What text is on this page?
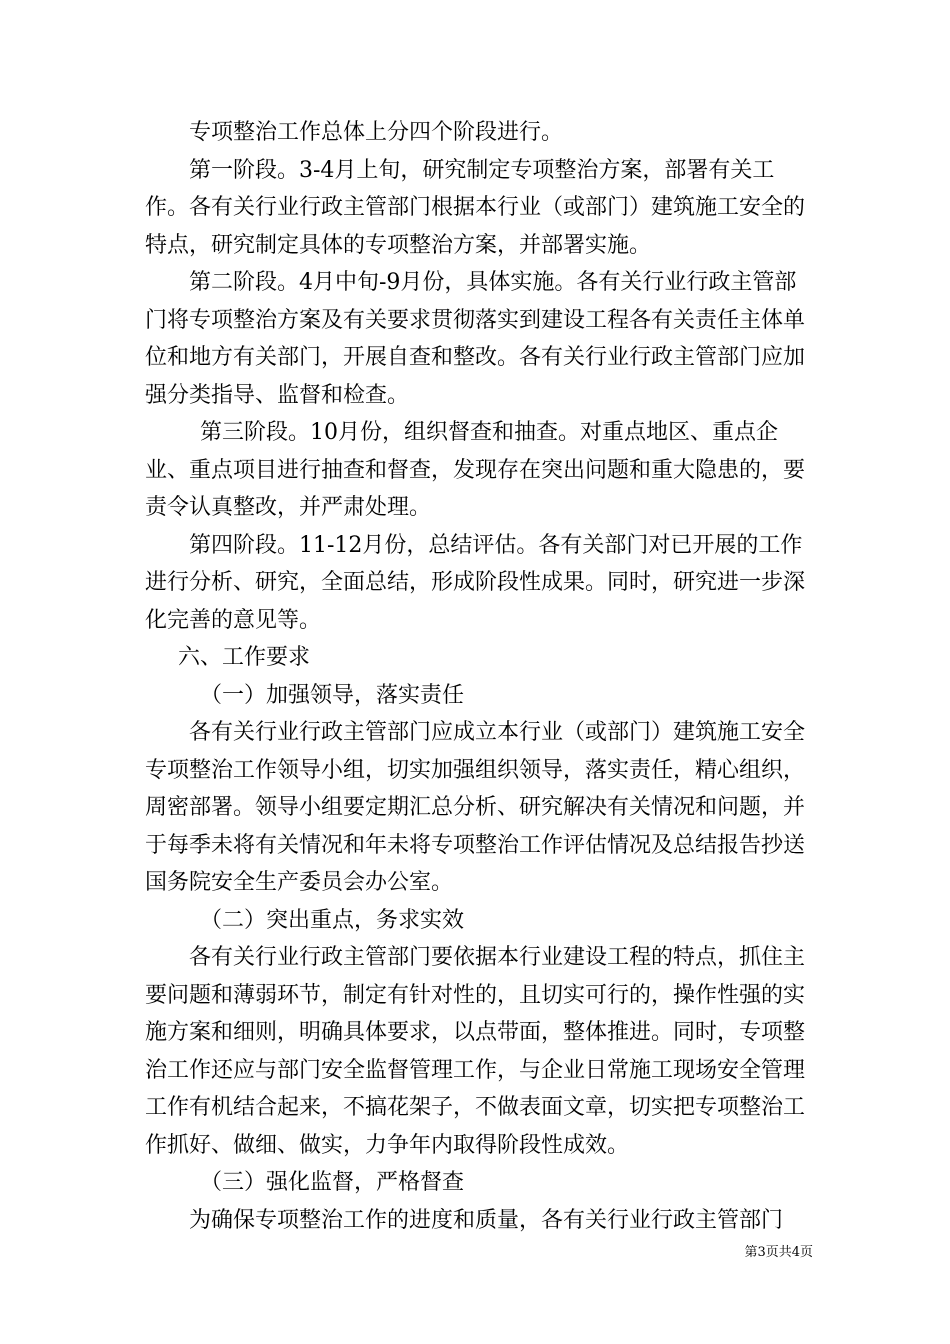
专项整治工作总体上分四个阶段进行。

第一阶段。3-4月上旬，研究制定专项整治方案，部署有关工作。各有关行业行政主管部门根据本行业（或部门）建筑施工安全的特点，研究制定具体的专项整治方案，并部署实施。

第二阶段。4月中旬-9月份，具体实施。各有关行业行政主管部门将专项整治方案及有关要求贯彻落实到建设工程各有关责任主体单位和地方有关部门，开展自查和整改。各有关行业行政主管部门应加强分类指导、监督和检查。

第三阶段。10月份，组织督查和抽查。对重点地区、重点企业、重点项目进行抽查和督查，发现存在突出问题和重大隐患的，要责令认真整改，并严肃处理。

第四阶段。11-12月份，总结评估。各有关部门对已开展的工作进行分析、研究，全面总结，形成阶段性成果。同时，研究进一步深化完善的意见等。

六、工作要求

（一）加强领导，落实责任

各有关行业行政主管部门应成立本行业（或部门）建筑施工安全专项整治工作领导小组，切实加强组织领导，落实责任，精心组织，周密部署。领导小组要定期汇总分析、研究解决有关情况和问题，并于每季未将有关情况和年未将专项整治工作评估情况及总结报告抄送国务院安全生产委员会办公室。

（二）突出重点，务求实效

各有关行业行政主管部门要依据本行业建设工程的特点，抓住主要问题和薄弱环节，制定有针对性的，且切实可行的，操作性强的实施方案和细则，明确具体要求，以点带面，整体推进。同时，专项整治工作还应与部门安全监督管理工作，与企业日常施工现场安全管理工作有机结合起来，不搞花架子，不做表面文章，切实把专项整治工作抓好、做细、做实，力争年内取得阶段性成效。

（三）强化监督，严格督查

为确保专项整治工作的进度和质量，各有关行业行政主管部门

第3页共4页
